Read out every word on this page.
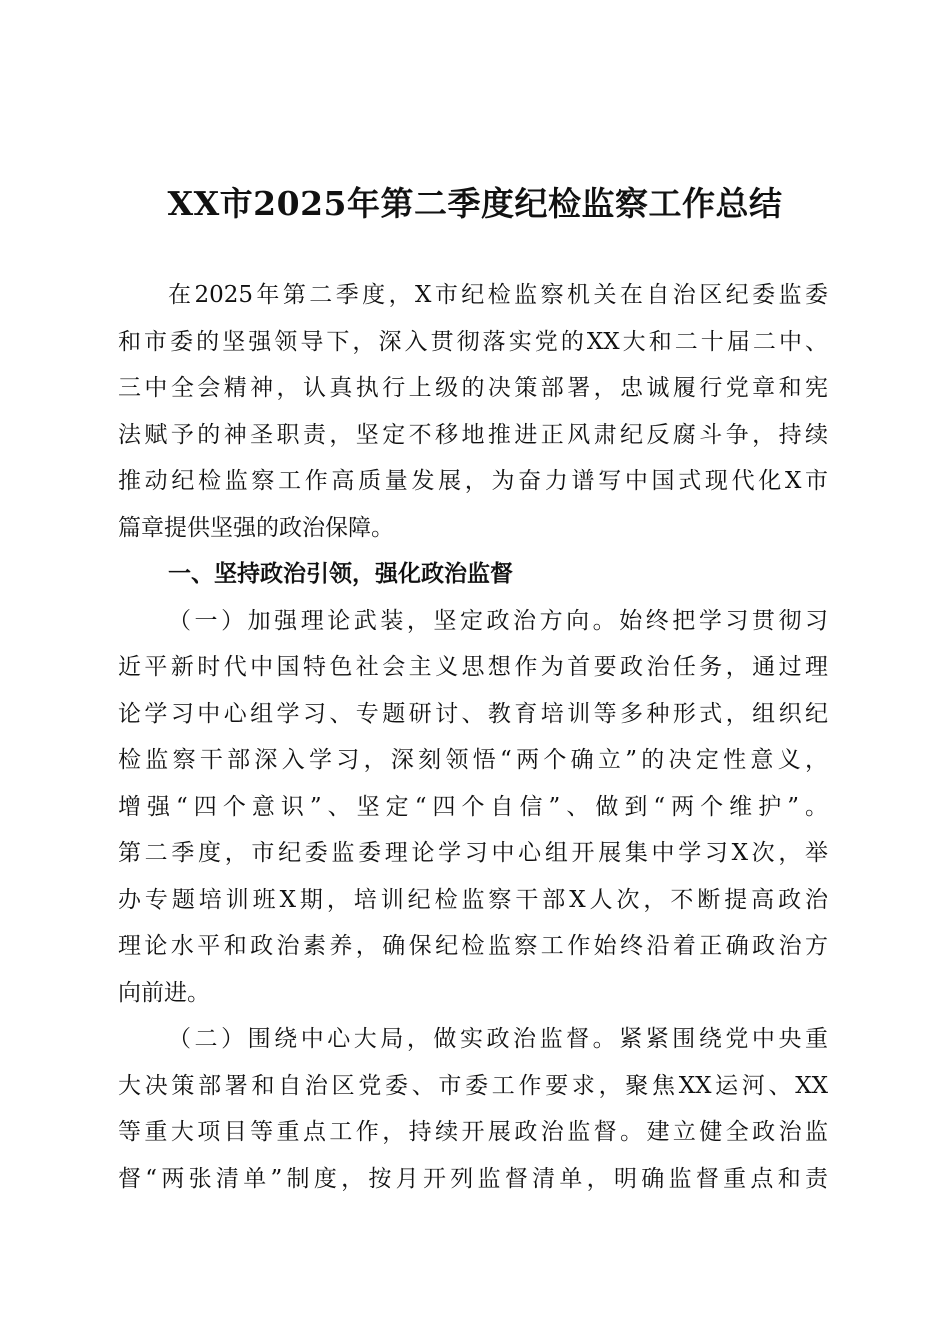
XX市2025年第二季度纪检监察工作总结
在2025年第二季度，X市纪检监察机关在自治区纪委监委
和市委的坚强领导下，深入贯彻落实党的XX大和二十届二中、
三中全会精神，认真执行上级的决策部署，忠诚履行党章和宪
法赋予的神圣职责，坚定不移地推进正风肃纪反腐斗争，持续
推动纪检监察工作高质量发展，为奋力谱写中国式现代化X市
篇章提供坚强的政治保障。
一、坚持政治引领，强化政治监督
（一）加强理论武装，坚定政治方向。始终把学习贯彻习
近平新时代中国特色社会主义思想作为首要政治任务，通过理
论学习中心组学习、专题研讨、教育培训等多种形式，组织纪
检监察干部深入学习，深刻领悟“两个确立”的决定性意义，
增强“四个意识”、坚定“四个自信”、做到“两个维护”。
第二季度，市纪委监委理论学习中心组开展集中学习X次，举
办专题培训班X期，培训纪检监察干部X人次，不断提高政治
理论水平和政治素养，确保纪检监察工作始终沿着正确政治方
向前进。
（二）围绕中心大局，做实政治监督。紧紧围绕党中央重
大决策部署和自治区党委、市委工作要求，聚焦XX运河、XX
等重大项目等重点工作，持续开展政治监督。建立健全政治监
督“两张清单”制度，按月开列监督清单，明确监督重点和责
